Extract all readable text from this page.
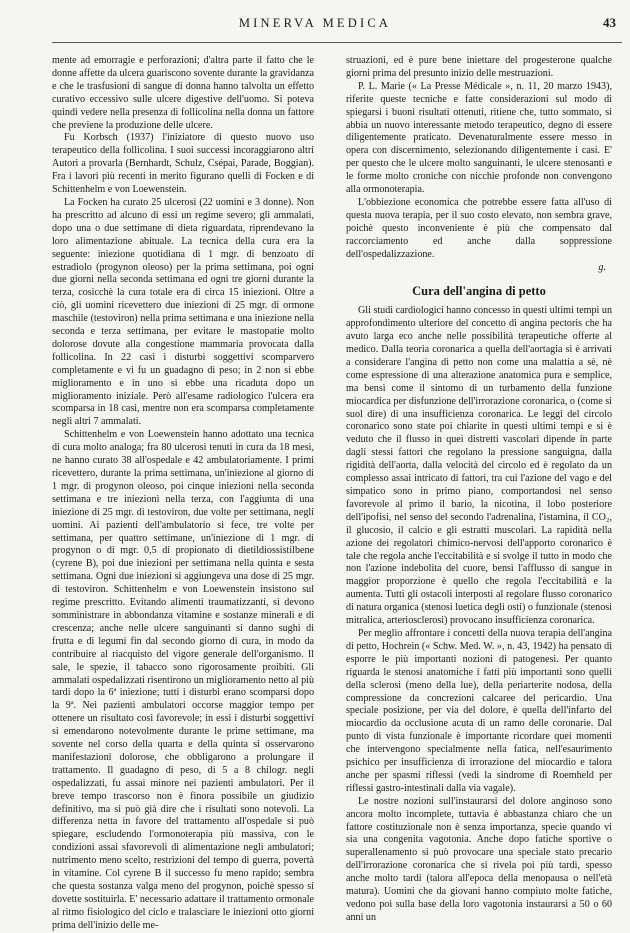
MINERVA MEDICA	43

mente ad emorragie e perforazioni; d'altra parte il fatto che le donne affette da ulcera guariscono sovente durante la gravidanza e che le trasfusioni di sangue di donna hanno talvolta un effetto curativo eccessivo sulle ulcere digestive dell'uomo. Si poteva quindi vedere nella presenza di follicolina nella donna un fattore che previene la produzione delle ulcere.

Fu Korbsch (1937) l'iniziatore di questo nuovo uso terapeutico della follicolina. I suoi successi incoraggiarono altri Autori a provarla (Bernhardt, Schulz, Csépai, Parade, Boggian). Fra i lavori più recenti in merito figurano quelli di Focken e di Schittenhelm e von Loewenstein.

La Focken ha curato 25 ulcerosi (22 uomini e 3 donne). Non ha prescritto ad alcuno di essi un regime severo; gli ammalati, dopo una o due settimane di dieta riguardata, riprendevano la loro alimentazione abituale. La tecnica della cura era la seguente: iniezione quotidiana di 1 mgr. di benzoato di estradiolo (progynon oleoso) per la prima settimana, poi ogni due giorni nella seconda settimana ed ogni tre giorni durante la terza, cosicchè la cura totale era di circa 15 iniezioni. Oltre a ciò, gli uomini ricevettero due iniezioni di 25 mgr. di ormone maschile (testoviron) nella prima settimana e una iniezione nella seconda e terza settimana, per evitare le mastopatie molto dolorose dovute alla congestione mammaria provocata dalla follicolina. In 22 casi i disturbi soggettivi scomparvero completamente e vi fu un guadagno di peso; in 2 non si ebbe miglioramento e in uno si ebbe una ricaduta dopo un miglioramento iniziale. Però all'esame radiologico l'ulcera era scomparsa in 18 casi, mentre non era scomparsa completamente negli altri 7 ammalati.

Schittenhelm e von Loewenstein hanno adottato una tecnica di cura molto analoga; fra 80 ulcerosi tenuti in cura da 18 mesi, ne hanno curato 38 all'ospedale e 42 ambulatoriamente. I primi ricevettero, durante la prima settimana, un'iniezione al giorno di 1 mgr. di progynon oleoso, poi cinque iniezioni nella seconda settimana e tre iniezioni nella terza, con l'aggiunta di una iniezione di 25 mgr. di testoviron, due volte per settimana, negli uomini. Ai pazienti dell'ambulatorio si fece, tre volte per settimana, per quattro settimane, un'iniezione di 1 mgr. di progynon o di mgr. 0,5 di propionato di dietildiossistilbene (cyrene B), poi due iniezioni per settimana nella quinta e sesta settimana. Ogni due iniezioni si aggiungeva una dose di 25 mgr. di testoviron. Schittenhelm e von Loewenstein insistono sul regime prescritto. Evitando alimenti traumatizzanti, si devono somministrare in abbondanza vitamine e sostanze minerali e di crescenza; anche nelle ulcere sanguinanti si danno sughi di frutta e di legumi fin dal secondo giorno di cura, in modo da contribuire al riacquisto del vigore generale dell'organismo. Il sale, le spezie, il tabacco sono rigorosamente proibiti. Gli ammalati ospedalizzati risentirono un miglioramento netto al più tardi dopo la 6ª iniezione; tutti i disturbi erano scomparsi dopo la 9ª. Nei pazienti ambulatori occorse maggior tempo per ottenere un risultato così favorevole; in essi i disturbi soggettivi si emendarono notevolmente durante le prime settimane, ma sovente nel corso della quarta e della quinta si osservarono manifestazioni dolorose, che obbligarono a prolungare il trattamento. Il guadagno di peso, di 5 a 8 chilogr. negli ospedalizzati, fu assai minore nei pazienti ambulatori. Per il breve tempo trascorso non è finora possibile un giudizio definitivo, ma si può già dire che i risultati sono notevoli. La differenza netta in favore del trattamento all'ospedale si può spiegare, escludendo l'ormonoterapia più massiva, con le condizioni assai sfavorevoli di alimentazione negli ambulatori; nutrimento meno scelto, restrizioni del tempo di guerra, povertà in vitamine. Col cyrene B il successo fu meno rapido; sembra che questa sostanza valga meno del progynon, poichè spesso si dovette sostituirla. E' necessario adattare il trattamento ormonale al ritmo fisiologico del ciclo e tralasciare le iniezioni otto giorni prima dell'inizio delle me-

struazioni, ed è pure bene iniettare del progesterone qualche giorni prima del presunto inizio delle mestruazioni.

P. L. Marie (« La Presse Médicale », n. 11, 20 marzo 1943), riferite queste tecniche e fatte considerazioni sul modo di spiegarsi i buoni risultati ottenuti, ritiene che, tutto sommato, si abbia un nuovo interessante metodo terapeutico, degno di essere diligentemente praticato. Devenaturalmente essere messo in opera con discernimento, selezionando diligentemente i casi. E' per questo che le ulcere molto sanguinanti, le ulcere stenosanti e le forme molto croniche con nicchie profonde non convengono alla ormonoterapia.

L'obbiezione economica che potrebbe essere fatta all'uso di questa nuova terapia, per il suo costo elevato, non sembra grave, poichè questo inconveniente è più che compensato dal raccorciamento ed anche dalla soppressione dell'ospedalizzazione.

g.
Cura dell'angina di petto

Gli studi cardiologici hanno concesso in questi ultimi tempi un approfondimento ulteriore del concetto di angina pectoris che ha avuto larga eco anche nelle possibilità terapeutiche offerte al medico. Dalla teoria coronarica a quella dell'aortagia si è arrivati a considerare l'angina di petto non come una malattia a sè, nè come espressione di una alterazione anatomica pura e semplice, ma bensì come il sintomo di un turbamento della funzione miocardica per disfunzione dell'irrorazione coronarica, o (come si suol dire) di una insufficienza coronarica. Le leggi del circolo coronarico sono state poi chiarite in questi ultimi tempi e si è veduto che il flusso in quei distretti vascolari dipende in parte dagli stessi fattori che regolano la pressione sanguigna, dalla rigidità dell'aorta, dalla velocità del circolo ed è regolato da un complesso assai intricato di fattori, tra cui l'azione del vago e del simpatico sono in primo piano, comportandosi nel senso favorevole al primo il bario, la nicotina, il lobo posteriore dell'ipofisi, nel senso del secondo l'adrenalina, l'istamina, il CO₂, il glucosio, il calcio e gli estratti muscolari. La rapidità nella azione dei regolatori chimico-nervosi dell'apporto coronarico è tale che regola anche l'eccitabilità e si svolge il tutto in modo che non l'azione indebolita del cuore, bensì l'afflusso di sangue in maggior proporzione è quello che regola l'eccitabilità e la aumenta. Tutti gli ostacoli interposti al regolare flusso coronarico di natura organica (stenosi luetica degli osti) o funzionale (stenosi mitralica, arteriosclerosi) provocano insufficienza coronarica.

Per meglio affrontare i concetti della nuova terapia dell'angina di petto, Hochrein (« Schw. Med. W. », n. 43, 1942) ha pensato di esporre le più importanti nozioni di patogenesi. Per quanto riguarda le stenosi anatomiche i fatti più importanti sono quelli della sclerosi (meno della lue), della periarterite nodosa, della compressione da concrezioni calcaree del pericardio. Una speciale posizione, per via del dolore, è quella dell'infarto del miocardio da occlusione acuta di un ramo delle coronarie. Dal punto di vista funzionale è importante ricordare quei momenti che intervengono specialmente nella fatica, nell'esaurimento psichico per insufficienza di irrorazione del miocardio e talora anche per spasmi riflessi (vedi la sindrome di Roemheld per riflessi gastro-intestinali dalla via vagale).

Le nostre nozioni sull'instaurarsi del dolore anginoso sono ancora molto incomplete, tuttavia è abbastanza chiaro che un fattore costituzionale non è senza importanza, specie quando vi sia una congenita vagotonia. Anche dopo fatiche sportive o superallenamento si può provocare una speciale stato precario dell'irrorazione coronarica che si rivela poi più tardi, spesso anche molto tardi (talora all'epoca della menopausa o nell'età matura). Uomini che da giovani hanno compiuto molte fatiche, vedono poi sulla base della loro vagotonia instaurarsi a 50 o 60 anni un
